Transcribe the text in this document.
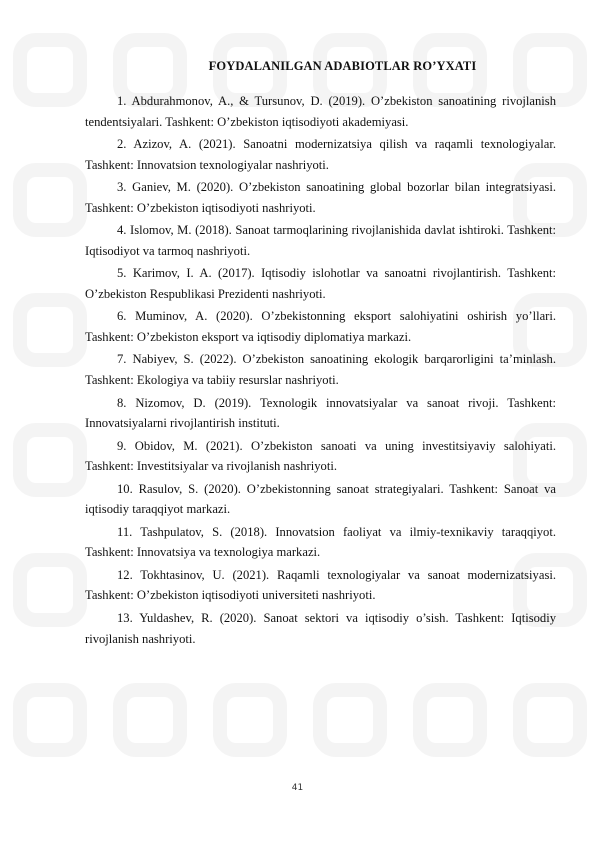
FOYDALANILGAN ADABIOTLAR RO’YXATI

1. Abdurahmonov, A., & Tursunov, D. (2019). O’zbekiston sanoatining rivojlanish tendentsiyalari. Tashkent: O’zbekiston iqtisodiyoti akademiyasi.

2. Azizov, A. (2021). Sanoatni modernizatsiya qilish va raqamli texnologiyalar. Tashkent: Innovatsion texnologiyalar nashriyoti.

3. Ganiev, M. (2020). O’zbekiston sanoatining global bozorlar bilan integratsiyasi. Tashkent: O’zbekiston iqtisodiyoti nashriyoti.

4. Islomov, M. (2018). Sanoat tarmoqlarining rivojlanishida davlat ishtiroki. Tashkent: Iqtisodiyot va tarmoq nashriyoti.

5. Karimov, I. A. (2017). Iqtisodiy islohotlar va sanoatni rivojlantirish. Tashkent: O’zbekiston Respublikasi Prezidenti nashriyoti.

6. Muminov, A. (2020). O’zbekistonning eksport salohiyatini oshirish yo’llari. Tashkent: O’zbekiston eksport va iqtisodiy diplomatiya markazi.

7. Nabiyev, S. (2022). O’zbekiston sanoatining ekologik barqarorligini ta’minlash. Tashkent: Ekologiya va tabiiy resurslar nashriyoti.

8. Nizomov, D. (2019). Texnologik innovatsiyalar va sanoat rivoji. Tashkent: Innovatsiyalarni rivojlantirish instituti.

9. Obidov, M. (2021). O’zbekiston sanoati va uning investitsiyaviy salohiyati. Tashkent: Investitsiyalar va rivojlanish nashriyoti.

10. Rasulov, S. (2020). O’zbekistonning sanoat strategiyalari. Tashkent: Sanoat va iqtisodiy taraqqiyot markazi.

11. Tashpulatov, S. (2018). Innovatsion faoliyat va ilmiy-texnikaviy taraqqiyot. Tashkent: Innovatsiya va texnologiya markazi.

12. Tokhtasinov, U. (2021). Raqamli texnologiyalar va sanoat modernizatsiyasi. Tashkent: O’zbekiston iqtisodiyoti universiteti nashriyoti.

13. Yuldashev, R. (2020). Sanoat sektori va iqtisodiy o’sish. Tashkent: Iqtisodiy rivojlanish nashriyoti.

41
